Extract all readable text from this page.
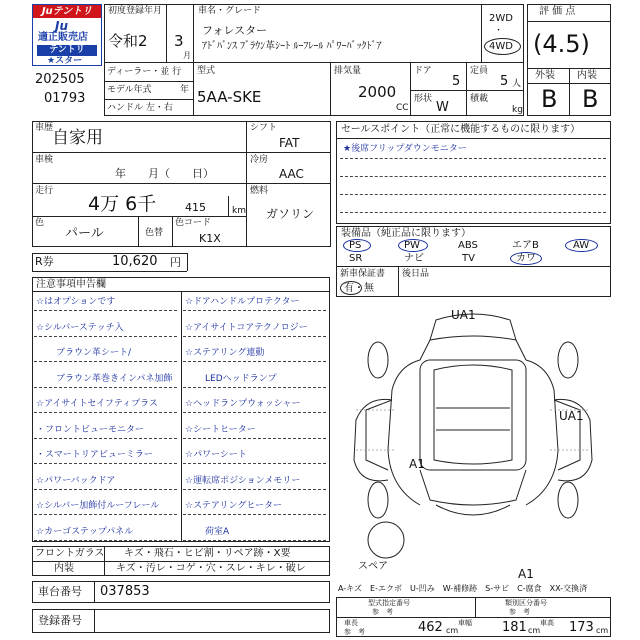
Juテントリ
Ju
適正販売店
テントリ
★スター
202505
01793
初度登録年月
令和2 3
月
車名・グレード
フォレスター
ｱﾄﾞﾊﾞﾝｽ ﾌﾞﾗｳﾝ革ｼｰﾄ ﾙｰﾌﾚｰﾙ ﾊﾟﾜｰﾊﾞｯｸﾄﾞｱ
2WD
・
4WD
ディーラー・並 行
モデル年式	年
ハンドル 左・右
型式
5AA-SKE
排気量
2000
CC
ドア
5
形状
W
定員
5 人
積載
kg
評 価 点
(4.5)
外装 内装
B B
車歴
自家用
車検
年　　月（　　日）
走行
4万 6千	415	km
色
パール	色替
色コード
K1X
シフト
FAT
冷房
AAC
燃料
ガソリン
R券	10,620 円
セールスポイント（正常に機能するものに限ります）
★後席フリップダウンモニター
装備品（純正品に限ります）
PS	PW	ABS	エアB	AW
SR	ナビ	TV	カワ
新車保証書
有・無
後日品
注意事項申告欄
☆はオプションです
☆シルバーステッチ入
ブラウン革シート/
ブラウン革巻きインパネ加飾
☆アイサイトセイフティプラス
・フロントビューモニター
・スマートリアビューミラー
☆パワーバックドア
☆シルバー加飾付ルーフレール
☆カーゴステップパネル
☆ドアハンドルプロテクター
☆アイサイトコアテクノロジー
☆ステアリング連動
LEDヘッドランプ
☆ヘッドランプウォッシャー
☆シートヒーター
☆パワーシート
☆運転席ポジションメモリー
☆ステアリングヒーター
荷室A
フロントガラス キズ・飛石・ヒビ割・リペア跡・X要
内装	キズ・汚レ・コゲ・穴・スレ・キレ・破レ
車台番号 037853
登録番号
UA1
UA1
A1
A1
スペア
A-キズ　E-エクボ　U-凹み　W-補修跡　S-サビ　C-腐食　XX-交換済
型式指定番号
参　考
類別区分番号
参　考
車長
参　考	462 cm
車幅 181 cm
車高 173 cm
